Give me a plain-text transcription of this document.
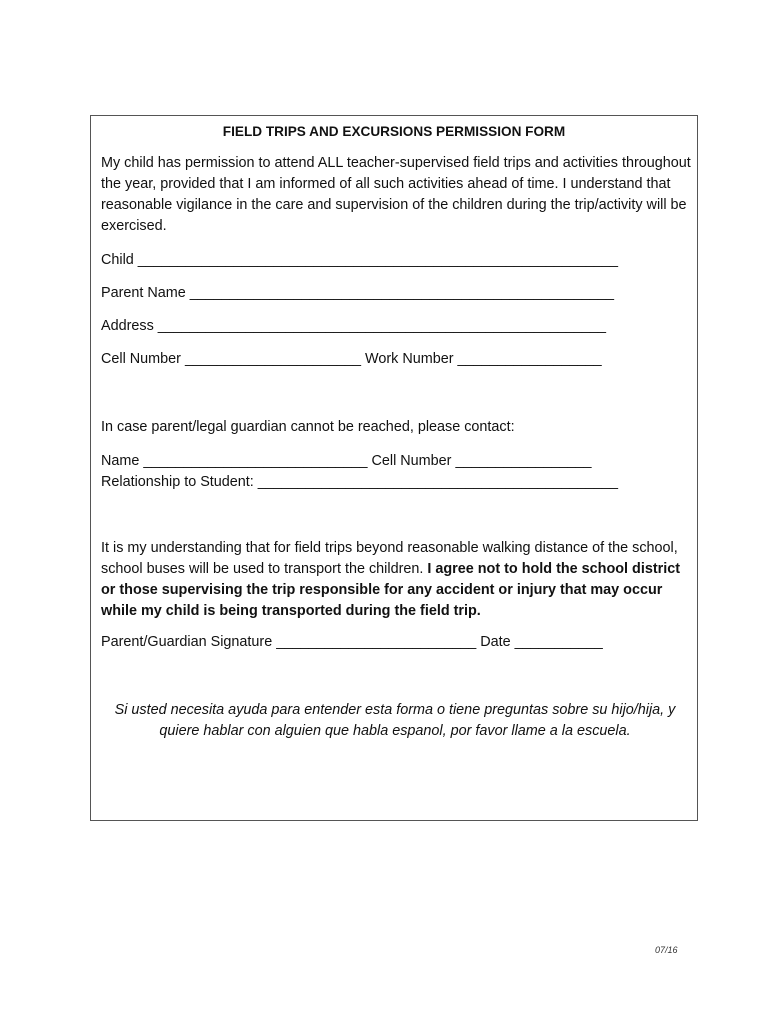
FIELD TRIPS AND EXCURSIONS PERMISSION FORM

My child has permission to attend ALL teacher-supervised field trips and activities throughout the year, provided that I am informed of all such activities ahead of time. I understand that reasonable vigilance in the care and supervision of the children during the trip/activity will be exercised.

Child ____________________________________________________________

Parent Name _____________________________________________________

Address ________________________________________________________

Cell Number ______________________ Work Number __________________

In case parent/legal guardian cannot be reached, please contact:

Name ____________________________ Cell Number _________________

Relationship to Student: _____________________________________________

It is my understanding that for field trips beyond reasonable walking distance of the school, school buses will be used to transport the children. I agree not to hold the school district or those supervising the trip responsible for any accident or injury that may occur while my child is being transported during the field trip.

Parent/Guardian Signature _________________________ Date ___________

Si usted necesita ayuda para entender esta forma o tiene preguntas sobre su hijo/hija, y quiere hablar con alguien que habla espanol, por favor llame a la escuela.

07/16
